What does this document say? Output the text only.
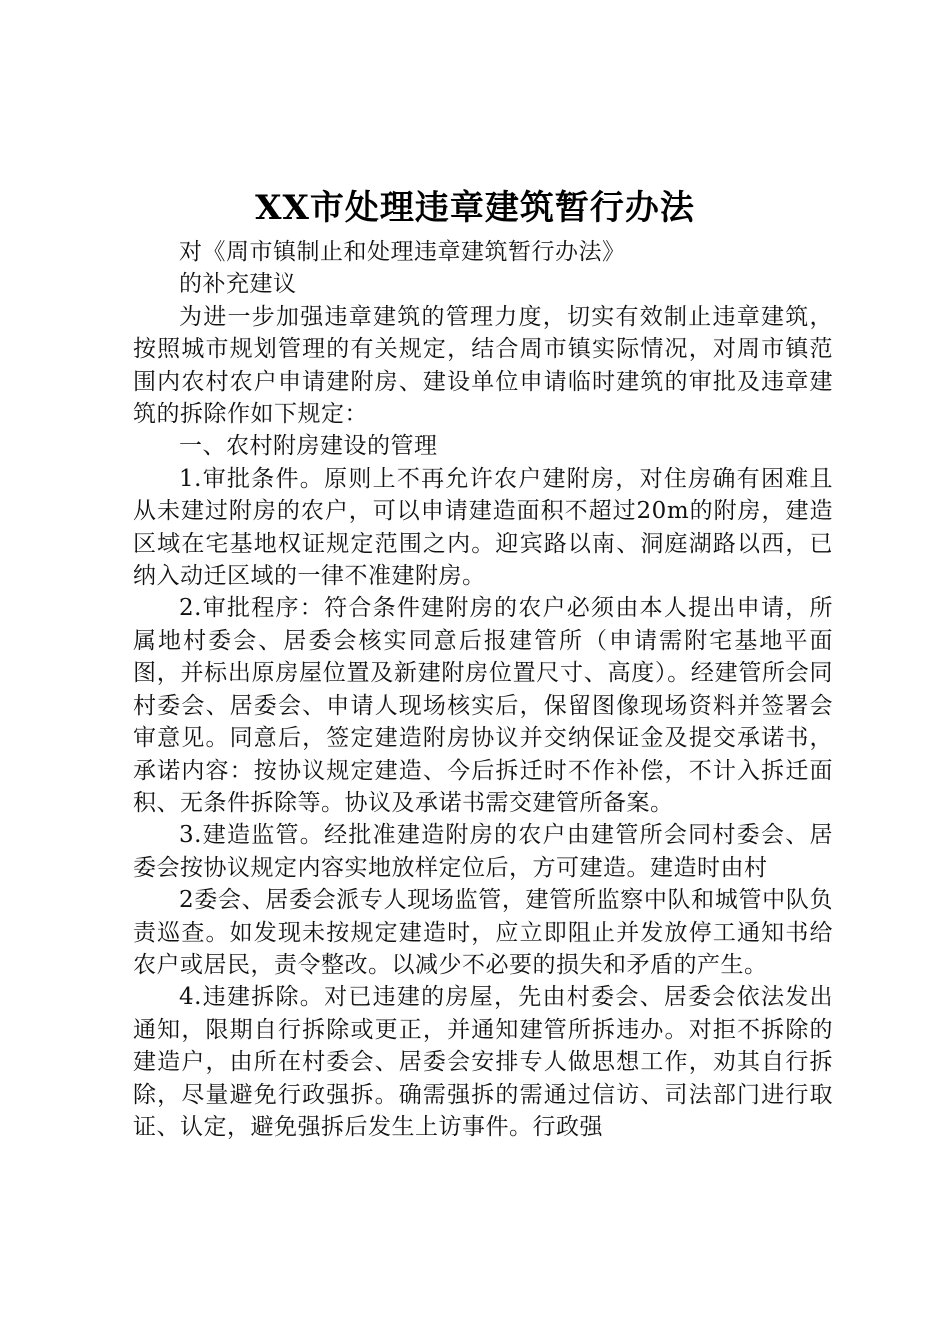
XX市处理违章建筑暂行办法

对《周市镇制止和处理违章建筑暂行办法》

的补充建议

为进一步加强违章建筑的管理力度，切实有效制止违章建筑，按照城市规划管理的有关规定，结合周市镇实际情况，对周市镇范围内农村农户申请建附房、建设单位申请临时建筑的审批及违章建筑的拆除作如下规定：

一、农村附房建设的管理

1.审批条件。原则上不再允许农户建附房，对住房确有困难且从未建过附房的农户，可以申请建造面积不超过20m的附房，建造区域在宅基地权证规定范围之内。迎宾路以南、洞庭湖路以西，已纳入动迁区域的一律不准建附房。

2.审批程序：符合条件建附房的农户必须由本人提出申请，所属地村委会、居委会核实同意后报建管所（申请需附宅基地平面图，并标出原房屋位置及新建附房位置尺寸、高度）。经建管所会同村委会、居委会、申请人现场核实后，保留图像现场资料并签署会审意见。同意后，签定建造附房协议并交纳保证金及提交承诺书，承诺内容：按协议规定建造、今后拆迁时不作补偿，不计入拆迁面积、无条件拆除等。协议及承诺书需交建管所备案。

3.建造监管。经批准建造附房的农户由建管所会同村委会、居委会按协议规定内容实地放样定位后，方可建造。建造时由村

2委会、居委会派专人现场监管，建管所监察中队和城管中队负责巡查。如发现未按规定建造时，应立即阻止并发放停工通知书给农户或居民，责令整改。以减少不必要的损失和矛盾的产生。

4.违建拆除。对已违建的房屋，先由村委会、居委会依法发出通知，限期自行拆除或更正，并通知建管所拆违办。对拒不拆除的建造户，由所在村委会、居委会安排专人做思想工作，劝其自行拆除，尽量避免行政强拆。确需强拆的需通过信访、司法部门进行取证、认定，避免强拆后发生上访事件。行政强
